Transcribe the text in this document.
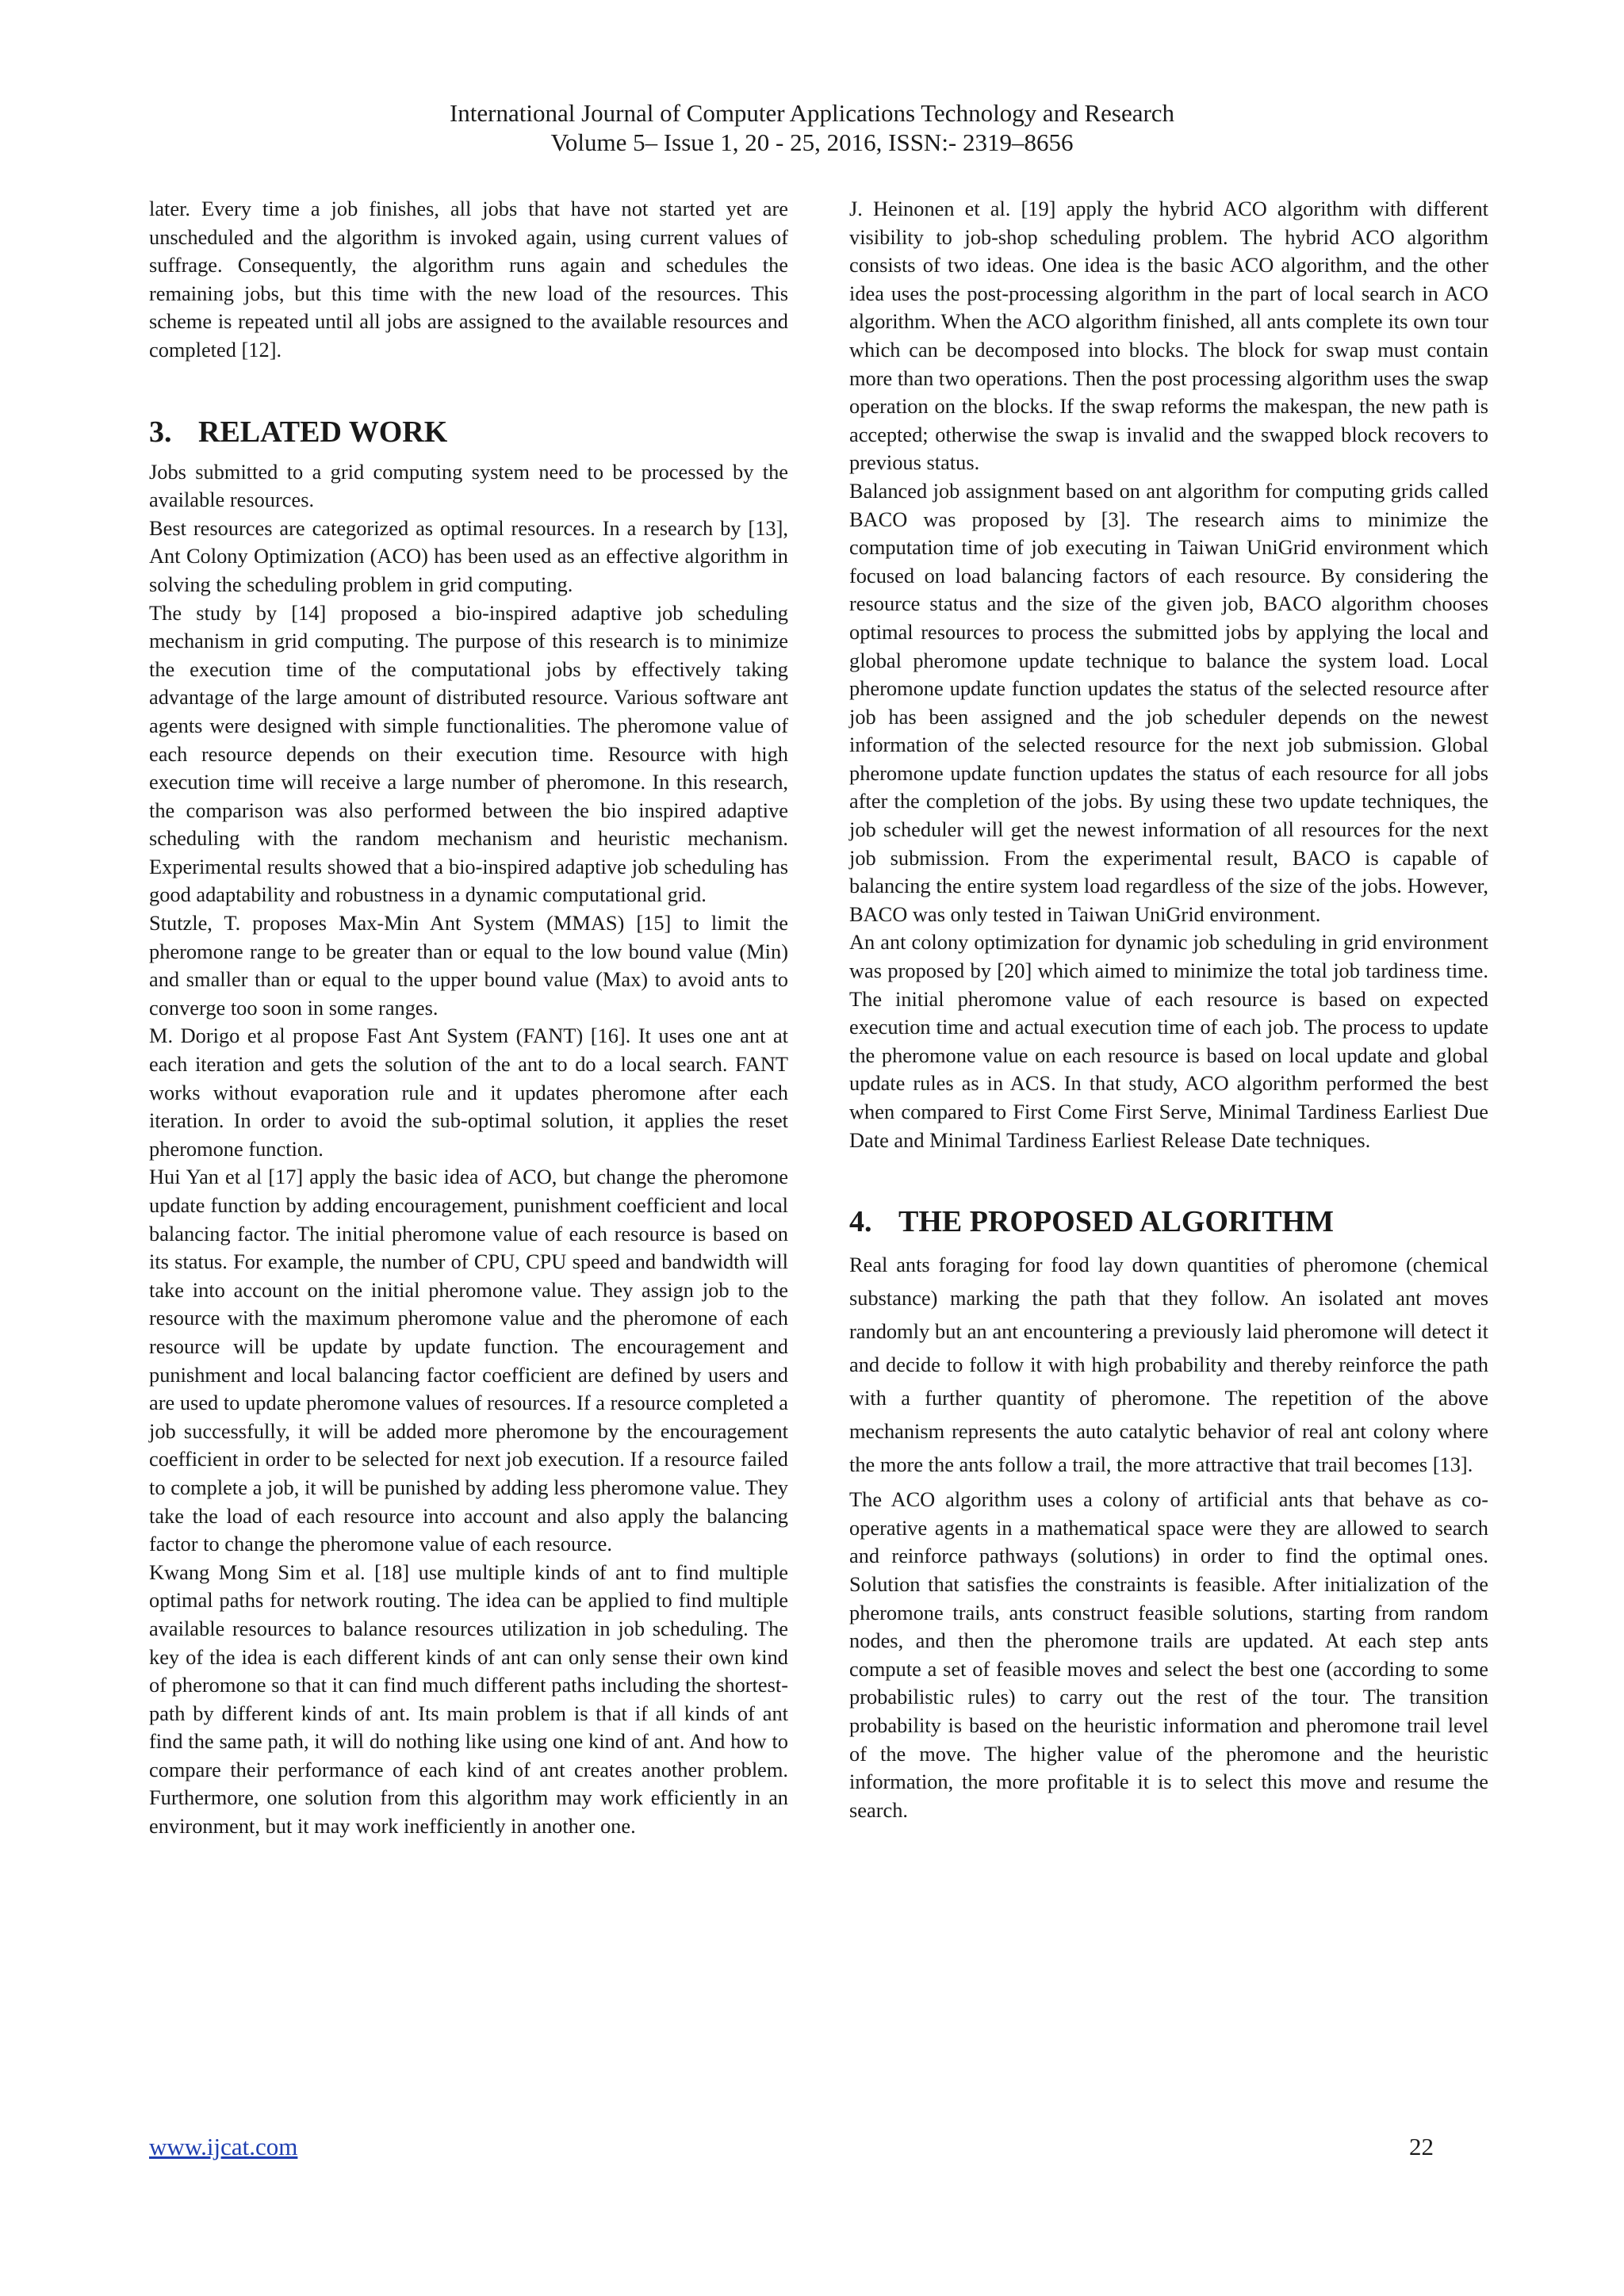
International Journal of Computer Applications Technology and Research
Volume 5– Issue 1, 20 - 25, 2016, ISSN:- 2319–8656

later. Every time a job finishes, all jobs that have not started yet are unscheduled and the algorithm is invoked again, using current values of suffrage. Consequently, the algorithm runs again and schedules the remaining jobs, but this time with the new load of the resources. This scheme is repeated until all jobs are assigned to the available resources and completed [12].

3. RELATED WORK

Jobs submitted to a grid computing system need to be processed by the available resources.

Best resources are categorized as optimal resources. In a research by [13], Ant Colony Optimization (ACO) has been used as an effective algorithm in solving the scheduling problem in grid computing.

The study by [14] proposed a bio-inspired adaptive job scheduling mechanism in grid computing. The purpose of this research is to minimize the execution time of the computational jobs by effectively taking advantage of the large amount of distributed resource. Various software ant agents were designed with simple functionalities. The pheromone value of each resource depends on their execution time. Resource with high execution time will receive a large number of pheromone. In this research, the comparison was also performed between the bio inspired adaptive scheduling with the random mechanism and heuristic mechanism. Experimental results showed that a bio-inspired adaptive job scheduling has good adaptability and robustness in a dynamic computational grid.

Stutzle, T. proposes Max-Min Ant System (MMAS) [15] to limit the pheromone range to be greater than or equal to the low bound value (Min) and smaller than or equal to the upper bound value (Max) to avoid ants to converge too soon in some ranges.

M. Dorigo et al propose Fast Ant System (FANT) [16]. It uses one ant at each iteration and gets the solution of the ant to do a local search. FANT works without evaporation rule and it updates pheromone after each iteration. In order to avoid the sub-optimal solution, it applies the reset pheromone function.

Hui Yan et al [17] apply the basic idea of ACO, but change the pheromone update function by adding encouragement, punishment coefficient and local balancing factor. The initial pheromone value of each resource is based on its status. For example, the number of CPU, CPU speed and bandwidth will take into account on the initial pheromone value. They assign job to the resource with the maximum pheromone value and the pheromone of each resource will be update by update function. The encouragement and punishment and local balancing factor coefficient are defined by users and are used to update pheromone values of resources. If a resource completed a job successfully, it will be added more pheromone by the encouragement coefficient in order to be selected for next job execution. If a resource failed to complete a job, it will be punished by adding less pheromone value. They take the load of each resource into account and also apply the balancing factor to change the pheromone value of each resource.

Kwang Mong Sim et al. [18] use multiple kinds of ant to find multiple optimal paths for network routing. The idea can be applied to find multiple available resources to balance resources utilization in job scheduling. The key of the idea is each different kinds of ant can only sense their own kind of pheromone so that it can find much different paths including the shortest-path by different kinds of ant. Its main problem is that if all kinds of ant find the same path, it will do nothing like using one kind of ant. And how to compare their performance of each kind of ant creates another problem. Furthermore, one solution from this algorithm may work efficiently in an environment, but it may work inefficiently in another one.

J. Heinonen et al. [19] apply the hybrid ACO algorithm with different visibility to job-shop scheduling problem. The hybrid ACO algorithm consists of two ideas. One idea is the basic ACO algorithm, and the other idea uses the post-processing algorithm in the part of local search in ACO algorithm. When the ACO algorithm finished, all ants complete its own tour which can be decomposed into blocks. The block for swap must contain more than two operations. Then the post processing algorithm uses the swap operation on the blocks. If the swap reforms the makespan, the new path is accepted; otherwise the swap is invalid and the swapped block recovers to previous status.

Balanced job assignment based on ant algorithm for computing grids called BACO was proposed by [3]. The research aims to minimize the computation time of job executing in Taiwan UniGrid environment which focused on load balancing factors of each resource. By considering the resource status and the size of the given job, BACO algorithm chooses optimal resources to process the submitted jobs by applying the local and global pheromone update technique to balance the system load. Local pheromone update function updates the status of the selected resource after job has been assigned and the job scheduler depends on the newest information of the selected resource for the next job submission. Global pheromone update function updates the status of each resource for all jobs after the completion of the jobs. By using these two update techniques, the job scheduler will get the newest information of all resources for the next job submission. From the experimental result, BACO is capable of balancing the entire system load regardless of the size of the jobs. However, BACO was only tested in Taiwan UniGrid environment.

An ant colony optimization for dynamic job scheduling in grid environment was proposed by [20] which aimed to minimize the total job tardiness time. The initial pheromone value of each resource is based on expected execution time and actual execution time of each job. The process to update the pheromone value on each resource is based on local update and global update rules as in ACS. In that study, ACO algorithm performed the best when compared to First Come First Serve, Minimal Tardiness Earliest Due Date and Minimal Tardiness Earliest Release Date techniques.

4. THE PROPOSED ALGORITHM

Real ants foraging for food lay down quantities of pheromone (chemical substance) marking the path that they follow. An isolated ant moves randomly but an ant encountering a previously laid pheromone will detect it and decide to follow it with high probability and thereby reinforce the path with a further quantity of pheromone. The repetition of the above mechanism represents the auto catalytic behavior of real ant colony where the more the ants follow a trail, the more attractive that trail becomes [13].

The ACO algorithm uses a colony of artificial ants that behave as co-operative agents in a mathematical space were they are allowed to search and reinforce pathways (solutions) in order to find the optimal ones. Solution that satisfies the constraints is feasible. After initialization of the pheromone trails, ants construct feasible solutions, starting from random nodes, and then the pheromone trails are updated. At each step ants compute a set of feasible moves and select the best one (according to some probabilistic rules) to carry out the rest of the tour. The transition probability is based on the heuristic information and pheromone trail level of the move. The higher value of the pheromone and the heuristic information, the more profitable it is to select this move and resume the search.

www.ijcat.com	22
